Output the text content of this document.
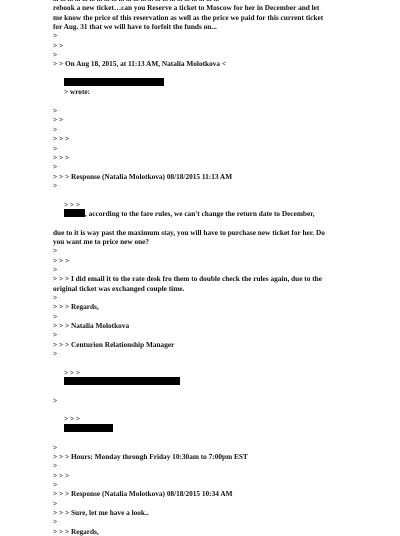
rebook a new ticket…can you Reserve a ticket to Moscow for her in December and let
me know the price of this reservation as well as the price we paid for this current ticket
for Aug. 31 that we will have to forfeit the funds on...
>
> >
>
> > On Aug 18, 2015, at 11:13 AM, Natalia Molotkova <

> wrote:

>
> >
>
> > >
>
> > >
>
> > > Response (Natalia Molotkova) 08/18/2015 11:13 AM
>

> > >
, according to the fare rules, we can't change the return date to December,

due to it is way past the maximum stay, you will have to purchase new ticket for her. Do
you want me to price new one?
>
> > >
>
> > > I did email it to the rate desk fro them to double check the rules again, due to the
original ticket was exchanged couple time.
>
> > > Regards,
>
> > > Natalia Molotkova
>
> > > Centurion Relationship Manager
>

> > >

>

> > >

>
> > > Hours: Monday through Friday 10:30am to 7:00pm EST
>
> > >
>
> > > Response (Natalia Molotkova) 08/18/2015 10:34 AM
>
> > > Sure, let me have a look..
>
> > > Regards,
